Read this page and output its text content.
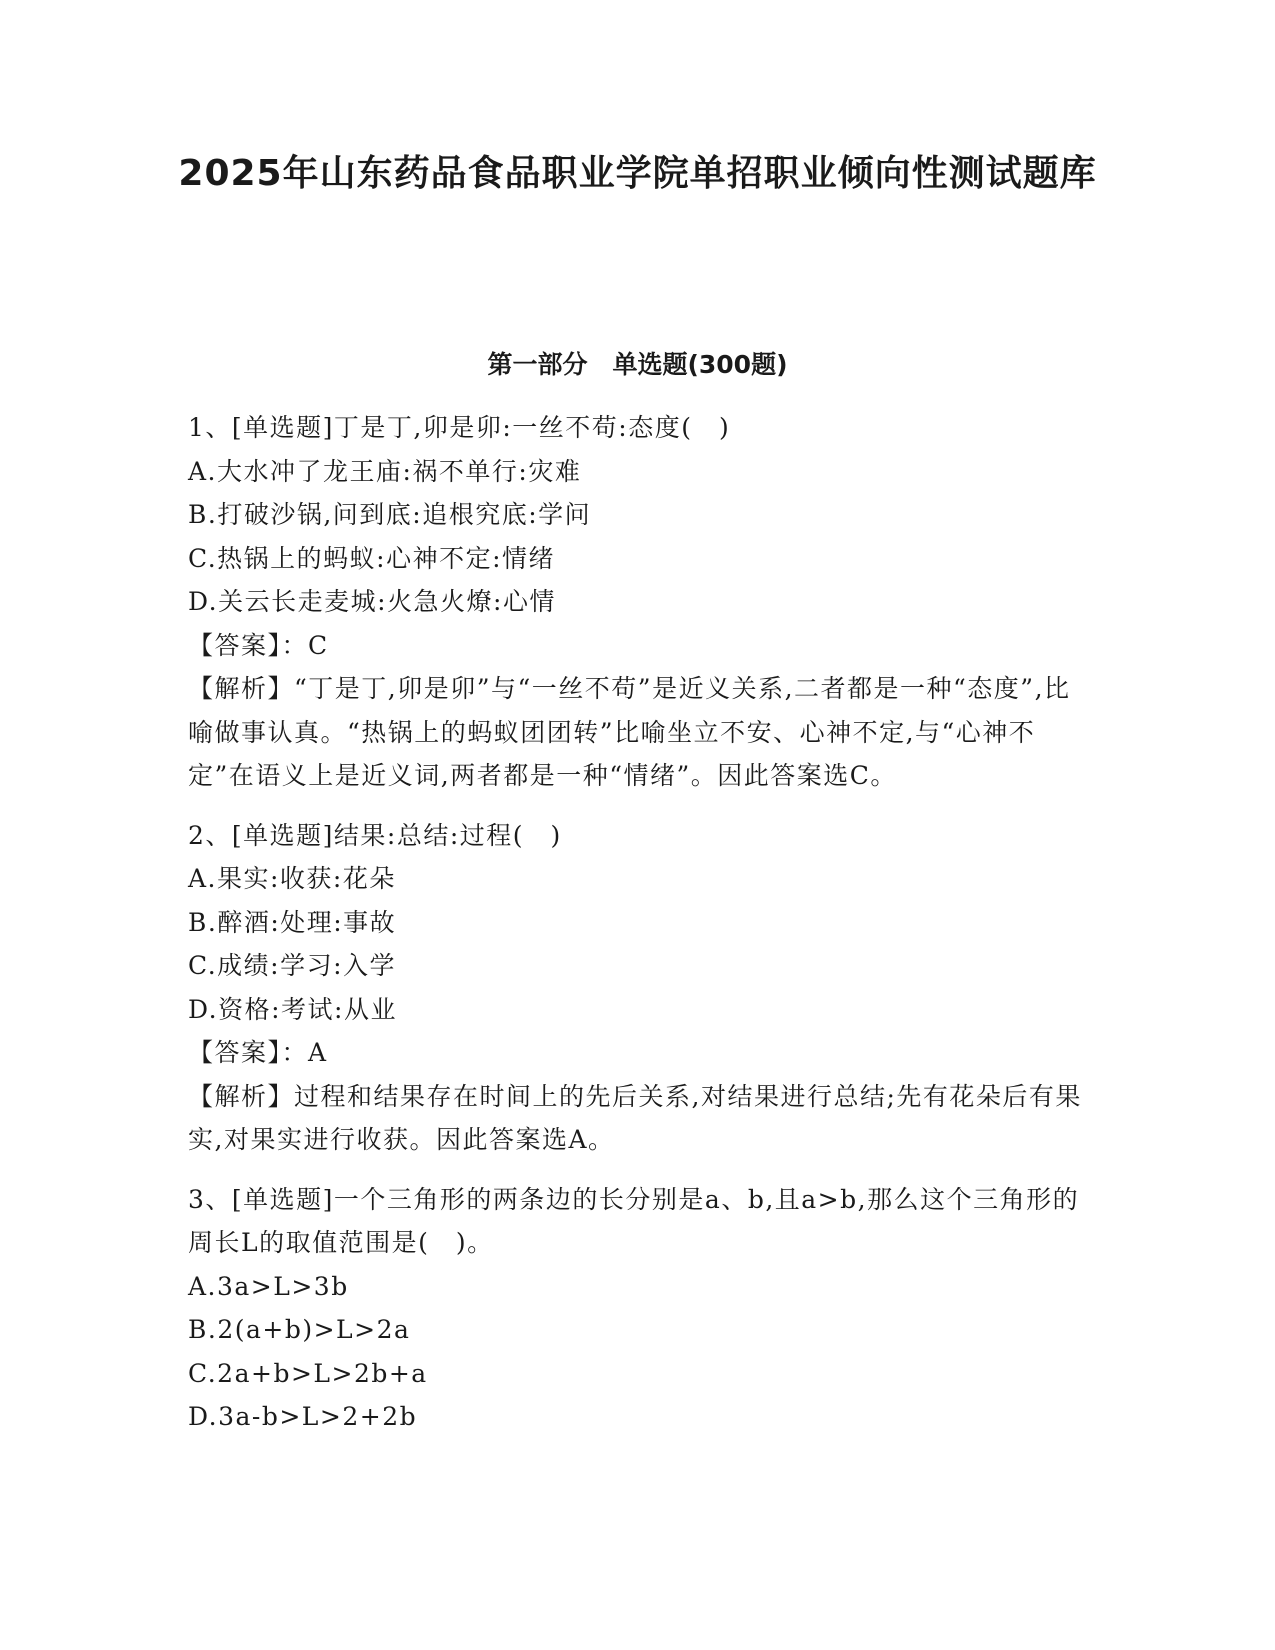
2025年山东药品食品职业学院单招职业倾向性测试题库
第一部分　单选题(300题)
1、[单选题]丁是丁,卯是卯:一丝不苟:态度(　)
A.大水冲了龙王庙:祸不单行:灾难
B.打破沙锅,问到底:追根究底:学问
C.热锅上的蚂蚁:心神不定:情绪
D.关云长走麦城:火急火燎:心情
【答案】：C
【解析】“丁是丁,卯是卯”与“一丝不苟”是近义关系,二者都是一种“态度”,比喻做事认真。“热锅上的蚂蚁团团转”比喻坐立不安、心神不定,与“心神不定”在语义上是近义词,两者都是一种“情绪”。因此答案选C。
2、[单选题]结果:总结:过程(　)
A.果实:收获:花朵
B.醉酒:处理:事故
C.成绩:学习:入学
D.资格:考试:从业
【答案】：A
【解析】过程和结果存在时间上的先后关系,对结果进行总结;先有花朵后有果实,对果实进行收获。因此答案选A。
3、[单选题]一个三角形的两条边的长分别是a、b,且a>b,那么这个三角形的周长L的取值范围是(　)。
A.3a>L>3b
B.2(a+b)>L>2a
C.2a+b>L>2b+a
D.3a-b>L>2+2b
